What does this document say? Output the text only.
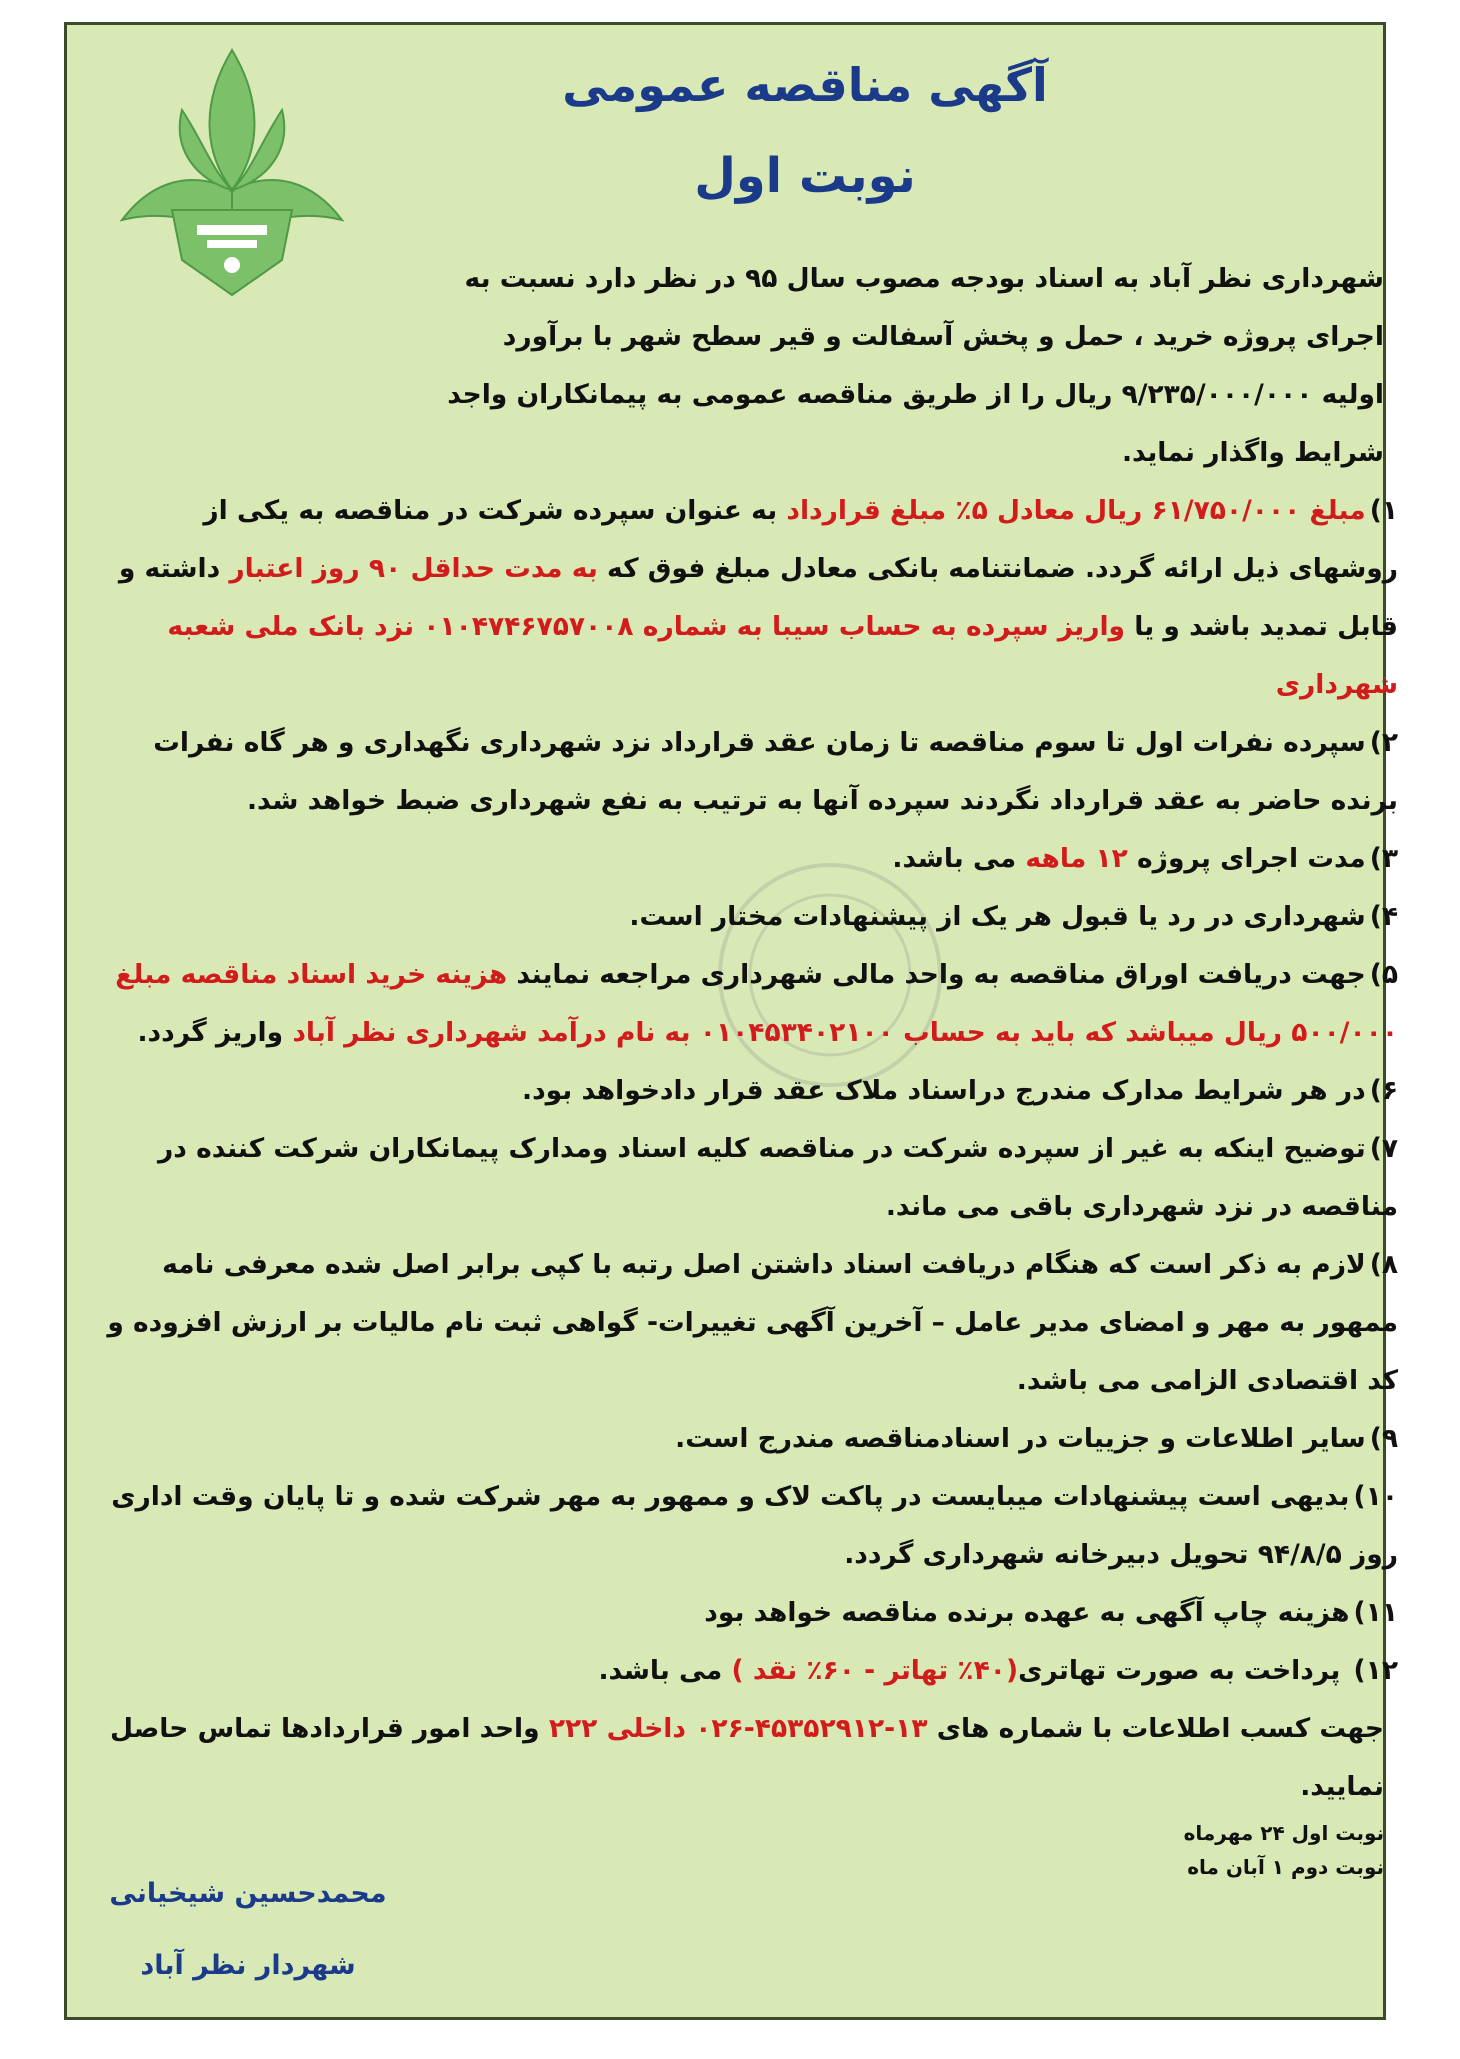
آگهی مناقصه عمومی
نوبت اول

شهرداری نظر آباد به اسناد بودجه مصوب سال ۹۵ در نظر دارد نسبت به اجرای پروژه خرید ، حمل و پخش آسفالت و قیر سطح شهر با برآورد اولیه ۹/۲۳۵/۰۰۰/۰۰۰ ریال را از طریق مناقصه عمومی به پیمانکاران واجد شرایط واگذار نماید.

۱)مبلغ ۶۱/۷۵۰/۰۰۰ ریال معادل ۵٪ مبلغ قرارداد به عنوان سپرده شرکت در مناقصه به یکی از روشهای ذیل ارائه گردد. ضمانتنامه بانکی معادل مبلغ فوق که به مدت حداقل ۹۰ روز اعتبار داشته و قابل تمدید باشد و یا واریز سپرده به حساب سیبا به شماره ۰۱۰۴۷۴۶۷۵۷۰۰۸ نزد بانک ملی شعبه شهرداری

۲)سپرده نفرات اول تا سوم مناقصه تا زمان عقد قرارداد نزد شهرداری نگهداری و هر گاه نفرات برنده حاضر به عقد قرارداد نگردند سپرده آنها به ترتیب به نفع شهرداری ضبط خواهد شد.

۳)مدت اجرای پروژه ۱۲ ماهه می باشد.

۴)شهرداری در رد یا قبول هر یک از پیشنهادات مختار است.

۵)جهت دریافت اوراق مناقصه به واحد مالی شهرداری مراجعه نمایند هزینه خرید اسناد مناقصه مبلغ ۵۰۰/۰۰۰ ریال میباشد که باید به حساب ۰۱۰۴۵۳۴۰۲۱۰۰ به نام درآمد شهرداری نظر آباد واریز گردد.

۶)در هر شرایط مدارک مندرج دراسناد ملاک عقد قرار دادخواهد بود.

۷)توضیح اینکه به غیر از سپرده شرکت در مناقصه کلیه اسناد ومدارک پیمانکاران شرکت کننده در مناقصه در نزد شهرداری باقی می ماند.

۸)لازم به ذکر است که هنگام دریافت اسناد داشتن اصل رتبه با کپی برابر اصل شده معرفی نامه ممهور به مهر و امضای مدیر عامل – آخرین آگهی تغییرات- گواهی ثبت نام مالیات بر ارزش افزوده و کد اقتصادی الزامی می باشد.

۹)سایر اطلاعات و جزییات در اسنادمناقصه مندرج است.

۱۰)بدیهی است پیشنهادات میبایست در پاکت لاک و ممهور به مهر شرکت شده و تا پایان وقت اداری روز ۹۴/۸/۵ تحویل دبیرخانه شهرداری گردد.

۱۱)هزینه چاپ آگهی به عهده برنده مناقصه خواهد بود

۱۲) پرداخت به صورت تهاتری(۴۰٪ تهاتر - ۶۰٪ نقد ) می باشد.

جهت کسب اطلاعات با شماره های ۱۳-۴۵۳۵۲۹۱۲-۰۲۶ داخلی ۲۲۲ واحد امور قراردادها تماس حاصل نمایید.

نوبت اول ۲۴ مهرماه

نوبت دوم ۱ آبان ماه

محمدحسین شیخیانی
شهردار نظر آباد
